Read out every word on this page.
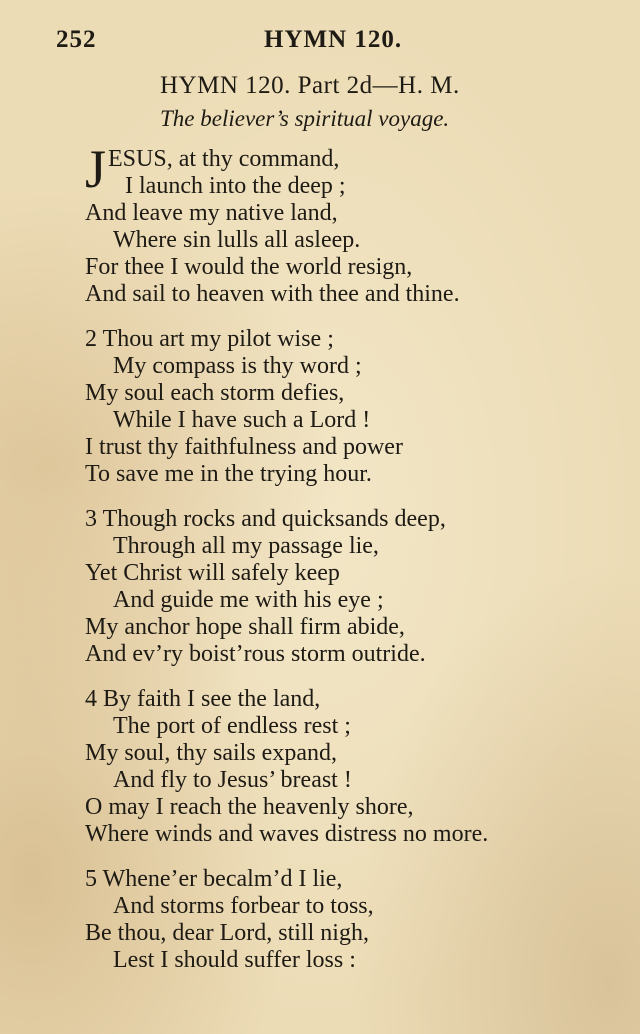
252	HYMN 120.
HYMN 120. Part 2d—H. M.
The believer’s spiritual voyage.
JESUS, at thy command,
I launch into the deep ;
And leave my native land,
Where sin lulls all asleep.
For thee I would the world resign,
And sail to heaven with thee and thine.
2 Thou art my pilot wise ;
My compass is thy word ;
My soul each storm defies,
While I have such a Lord !
I trust thy faithfulness and power
To save me in the trying hour.
3 Though rocks and quicksands deep,
Through all my passage lie,
Yet Christ will safely keep
And guide me with his eye ;
My anchor hope shall firm abide,
And ev’ry boist’rous storm outride.
4 By faith I see the land,
The port of endless rest ;
My soul, thy sails expand,
And fly to Jesus’ breast !
O may I reach the heavenly shore,
Where winds and waves distress no more.
5 Whene’er becalm’d I lie,
And storms forbear to toss,
Be thou, dear Lord, still nigh,
Lest I should suffer loss :
